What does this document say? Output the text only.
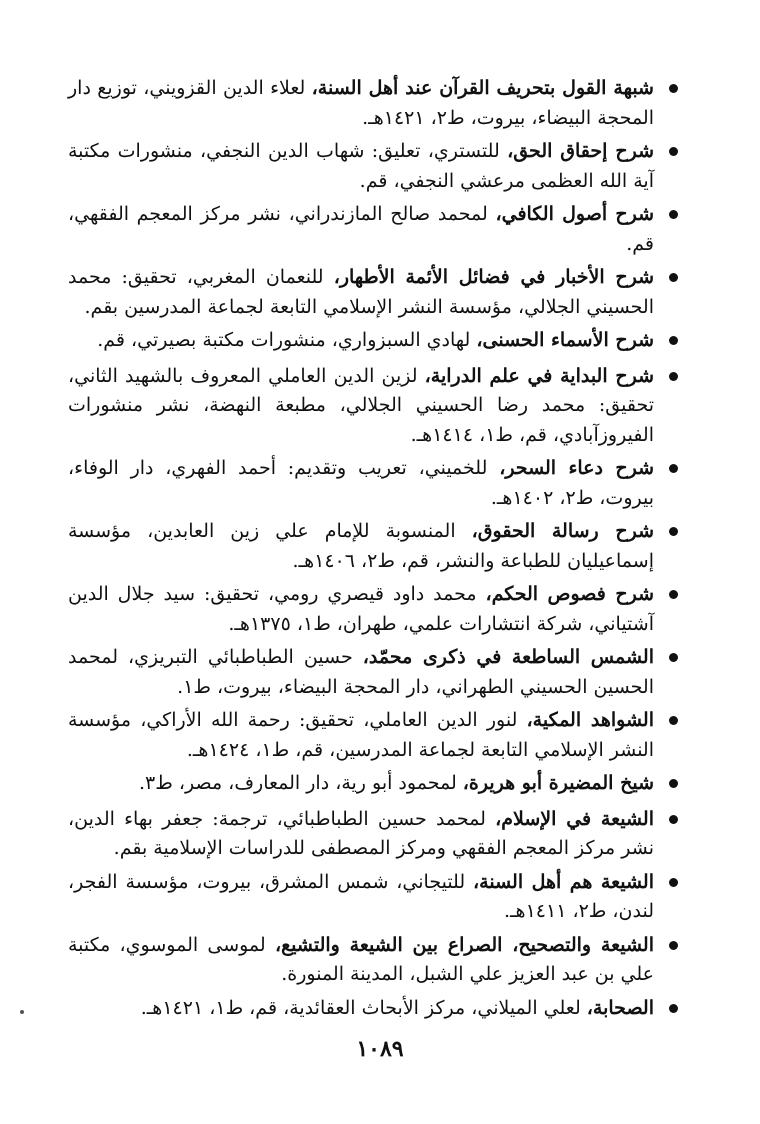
شبهة القول بتحريف القرآن عند أهل السنة، لعلاء الدين القزويني، توزيع دار المحجة البيضاء، بيروت، ط٢، ١٤٢١هـ.
شرح إحقاق الحق، للتستري، تعليق: شهاب الدين النجفي، منشورات مكتبة آية الله العظمى مرعشي النجفي، قم.
شرح أصول الكافي، لمحمد صالح المازندراني، نشر مركز المعجم الفقهي، قم.
شرح الأخبار في فضائل الأئمة الأطهار، للنعمان المغربي، تحقيق: محمد الحسيني الجلالي، مؤسسة النشر الإسلامي التابعة لجماعة المدرسين بقم.
شرح الأسماء الحسنى، لهادي السبزواري، منشورات مكتبة بصيرتي، قم.
شرح البداية في علم الدراية، لزين الدين العاملي المعروف بالشهيد الثاني، تحقيق: محمد رضا الحسيني الجلالي، مطبعة النهضة، نشر منشورات الفيروزآبادي، قم، ط١، ١٤١٤هـ.
شرح دعاء السحر، للخميني، تعريب وتقديم: أحمد الفهري، دار الوفاء، بيروت، ط٢، ١٤٠٢هـ.
شرح رسالة الحقوق، المنسوبة للإمام علي زين العابدين، مؤسسة إسماعيليان للطباعة والنشر، قم، ط٢، ١٤٠٦هـ.
شرح فصوص الحكم، محمد داود قيصري رومي، تحقيق: سيد جلال الدين آشتياني، شركة انتشارات علمي، طهران، ط١، ١٣٧٥هـ.
الشمس الساطعة في ذكرى محمّد، حسين الطباطبائي التبريزي، لمحمد الحسين الحسيني الطهراني، دار المحجة البيضاء، بيروت، ط١.
الشواهد المكية، لنور الدين العاملي، تحقيق: رحمة الله الأراكي، مؤسسة النشر الإسلامي التابعة لجماعة المدرسين، قم، ط١، ١٤٢٤هـ.
شيخ المضيرة أبو هريرة، لمحمود أبو رية، دار المعارف، مصر، ط٣.
الشيعة في الإسلام، لمحمد حسين الطباطبائي، ترجمة: جعفر بهاء الدين، نشر مركز المعجم الفقهي ومركز المصطفى للدراسات الإسلامية بقم.
الشيعة هم أهل السنة، للتيجاني، شمس المشرق، بيروت، مؤسسة الفجر، لندن، ط٢، ١٤١١هـ.
الشيعة والتصحيح، الصراع بين الشيعة والتشيع، لموسى الموسوي، مكتبة علي بن عبد العزيز علي الشبل، المدينة المنورة.
الصحابة، لعلي الميلاني، مركز الأبحاث العقائدية، قم، ط١، ١٤٢١هـ.
١٠٨٩
